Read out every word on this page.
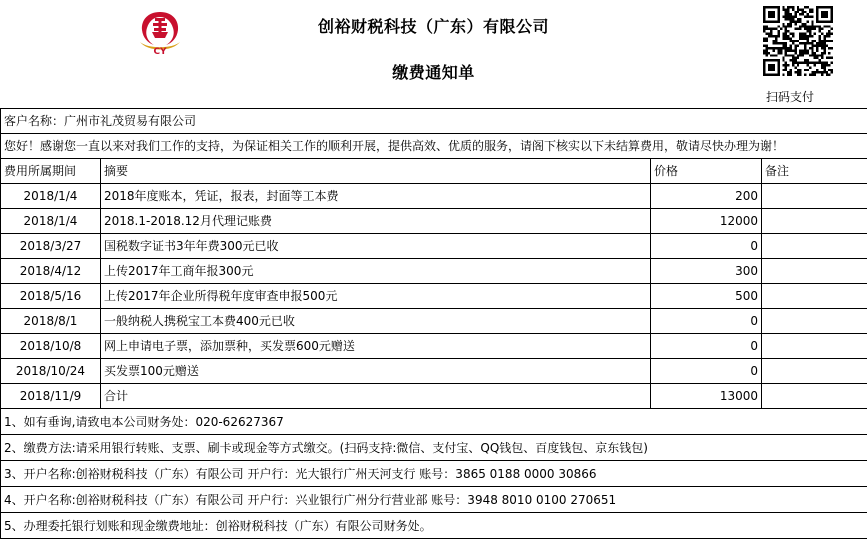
CY
创裕财税科技（广东）有限公司
缴费通知单
扫码支付
客户名称：广州市礼茂贸易有限公司			
您好！感谢您一直以来对我们工作的支持，为保证相关工作的顺利开展，提供高效、优质的服务，请阁下核实以下未结算费用，敬请尽快办理为谢！			
费用所属期间	摘要	价格	备注
2018/1/4	2018年度账本，凭证，报表，封面等工本费	200	
2018/1/4	2018.1-2018.12月代理记账费	12000	
2018/3/27	国税数字证书3年年费300元已收	0	
2018/4/12	上传2017年工商年报300元	300	
2018/5/16	上传2017年企业所得税年度审查申报500元	500	
2018/8/1	一般纳税人携税宝工本费400元已收	0	
2018/10/8	网上申请电子票，添加票种，买发票600元赠送	0	
2018/10/24	买发票100元赠送	0	
2018/11/9	合计	13000	
1、如有垂询,请致电本公司财务处：020-62627367			
2、缴费方法:请采用银行转账、支票、刷卡或现金等方式缴交。(扫码支持:微信、支付宝、QQ钱包、百度钱包、京东钱包)			
3、开户名称:创裕财税科技（广东）有限公司 开户行：光大银行广州天河支行 账号：3865 0188 0000 30866			
4、开户名称:创裕财税科技（广东）有限公司 开户行：兴业银行广州分行营业部 账号：3948 8010 0100 270651			
5、办理委托银行划账和现金缴费地址：创裕财税科技（广东）有限公司财务处。			
